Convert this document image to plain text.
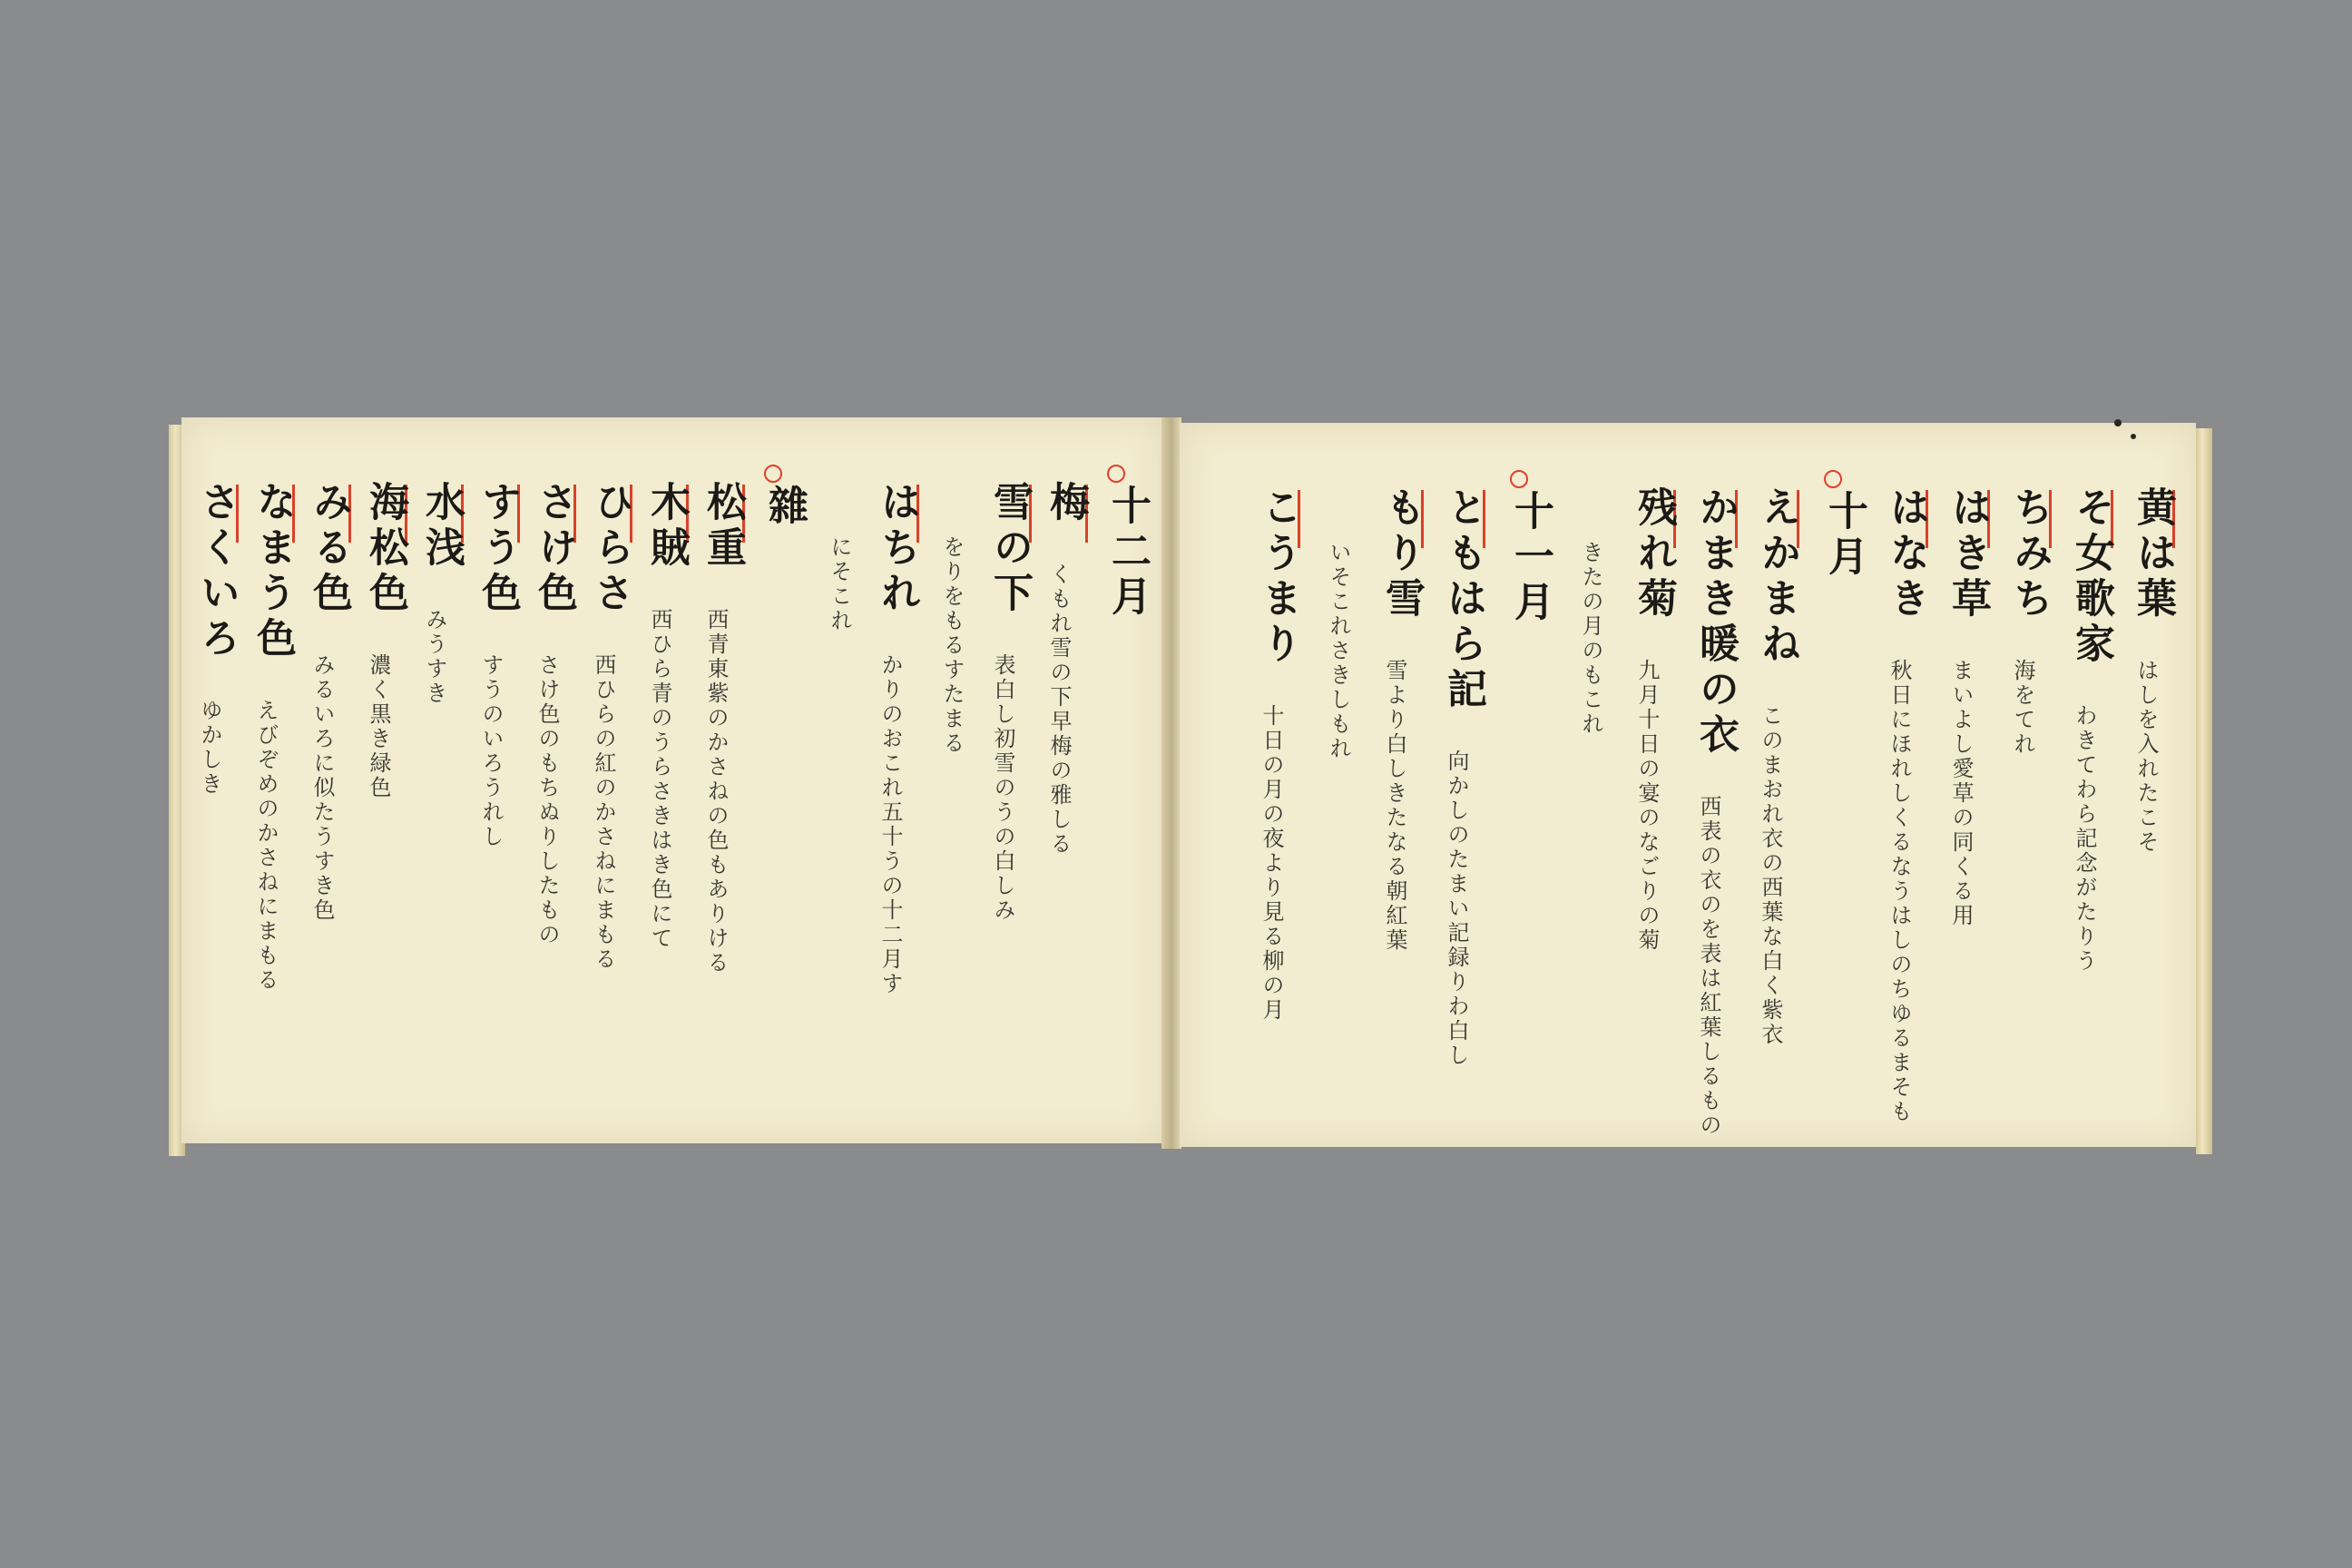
十二月
梅
くもれ雪の下早梅の雅しる
雪の下
表白し初雪のうの白しみ
をりをもるすたまる
はちれ
かりのおこれ五十うの十二月す
にそこれ
雜
松重
西青東紫のかさねの色もありける
木賊
西ひら青のうらさきはき色にて
ひらさ
西ひらの紅のかさねにまもる
さけ色
さけ色のもちぬりしたもの
すう色
すうのいろうれし
水浅
みうすき
海松色
濃く黒き緑色
みる色
みるいろに似たうすき色
なまう色
えびぞめのかさねにまもる
さくいろ
ゆかしき
黄は葉
はしを入れたこそ
そ女歌家
わきてわら記念がたりう
ちみち
海をてれ
はき草
まいよし愛草の同くる用
はなき
秋日にほれしくるなうはしのちゆるまそも
十月
えかまね
このまおれ衣の西葉な白く紫衣
かまき暖の衣
西表の衣のを表は紅葉しるもの
残れ菊
九月十日の宴のなごりの菊
きたの月のもこれ
十一月
ともはら記
向かしのたまい記録りわ白し
もり雪
雪より白しきたなる朝紅葉
いそこれさきしもれ
こうまり
十日の月の夜より見る柳の月
